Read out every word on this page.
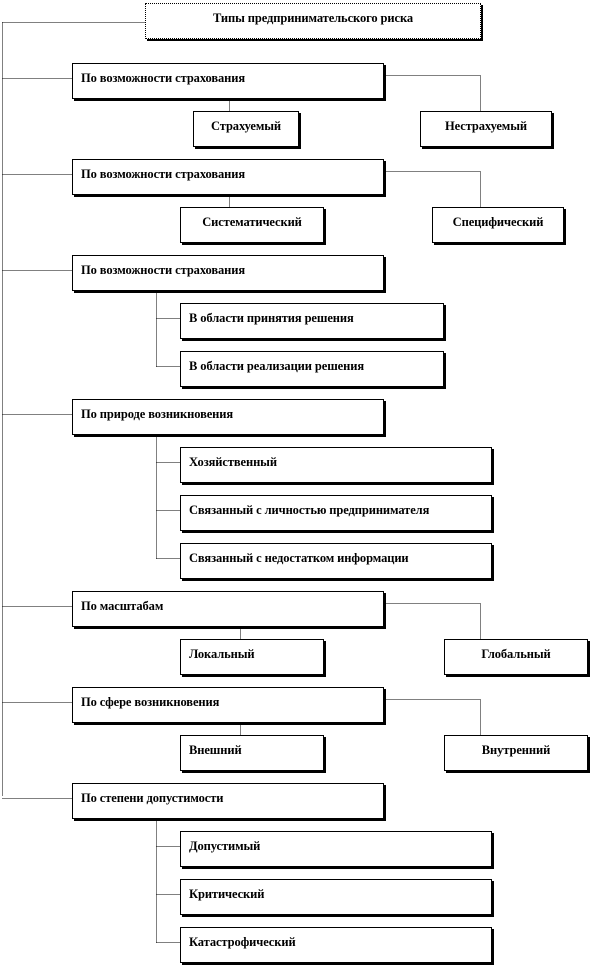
Типы предпринимательского риска
По возможности страхования
Страхуемый	Нестрахуемый
По возможности страхования
Систематический	Специфический
По возможности страхования
В области принятия решения
В области реализации решения
По природе возникновения
Хозяйственный
Связанный с личностью предпринимателя
Связанный с недостатком информации
По масштабам
Локальный	Глобальный
По сфере возникновения
Внешний	Внутренний
По степени допустимости
Допустимый
Критический
Катастрофический
